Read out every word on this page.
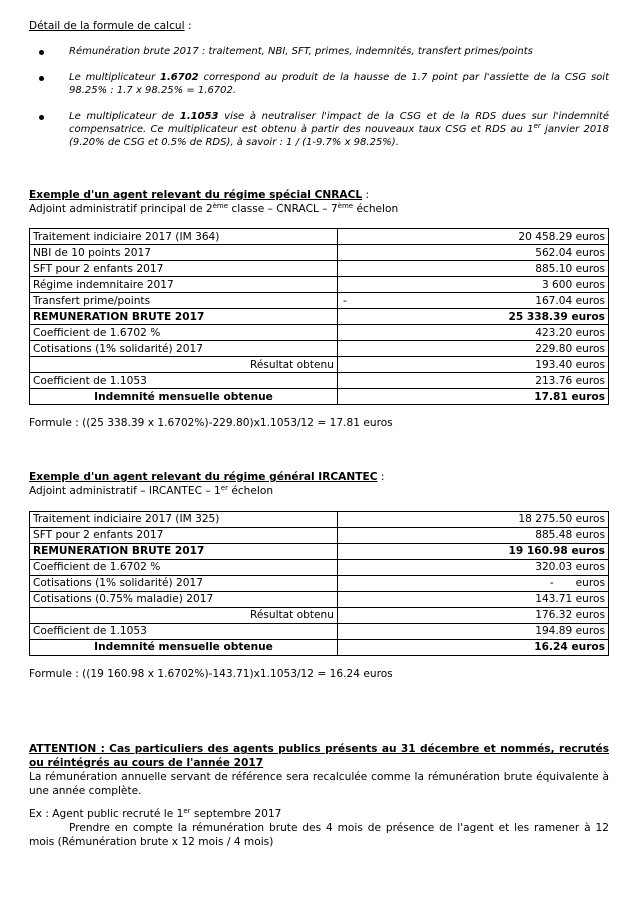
Détail de la formule de calcul :

Rémunération brute 2017 : traitement, NBI, SFT, primes, indemnités, transfert primes/points
Le multiplicateur 1.6702 correspond au produit de la hausse de 1.7 point par l'assiette de la CSG soit 98.25% : 1.7 x 98.25% = 1.6702.
Le multiplicateur de 1.1053 vise à neutraliser l'impact de la CSG et de la RDS dues sur l'indemnité compensatrice. Ce multiplicateur est obtenu à partir des nouveaux taux CSG et RDS au 1er janvier 2018 (9.20% de CSG et 0.5% de RDS), à savoir : 1 / (1-9.7% x 98.25%).

Exemple d'un agent relevant du régime spécial CNRACL :

Adjoint administratif principal de 2ème classe – CNRACL – 7ème échelon

Traitement indiciaire 2017 (IM 364)	20 458.29 euros
NBI de 10 points 2017	562.04 euros
SFT pour 2 enfants 2017	885.10 euros
Régime indemnitaire 2017	3 600 euros
Transfert prime/points	- 167.04 euros
REMUNERATION BRUTE 2017	25 338.39 euros
Coefficient de 1.6702 %	423.20 euros
Cotisations (1% solidarité) 2017	229.80 euros
Résultat obtenu	193.40 euros
Coefficient de 1.1053	213.76 euros
Indemnité mensuelle obtenue	17.81 euros

Formule : ((25 338.39 x 1.6702%)-229.80)x1.1053/12 = 17.81 euros

Exemple d'un agent relevant du régime général IRCANTEC :

Adjoint administratif – IRCANTEC – 1er échelon

Traitement indiciaire 2017 (IM 325)	18 275.50 euros
SFT pour 2 enfants 2017	885.48 euros
REMUNERATION BRUTE 2017	19 160.98 euros
Coefficient de 1.6702 %	320.03 euros
Cotisations (1% solidarité) 2017	- euros
Cotisations (0.75% maladie) 2017	143.71 euros
Résultat obtenu	176.32 euros
Coefficient de 1.1053	194.89 euros
Indemnité mensuelle obtenue	16.24 euros

Formule : ((19 160.98 x 1.6702%)-143.71)x1.1053/12 = 16.24 euros

ATTENTION : Cas particuliers des agents publics présents au 31 décembre et nommés, recrutés ou réintégrés au cours de l'année 2017

La rémunération annuelle servant de référence sera recalculée comme la rémunération brute équivalente à une année complète.

Ex : Agent public recruté le 1er septembre 2017

Prendre en compte la rémunération brute des 4 mois de présence de l'agent et les ramener à 12 mois (Rémunération brute x 12 mois / 4 mois)
